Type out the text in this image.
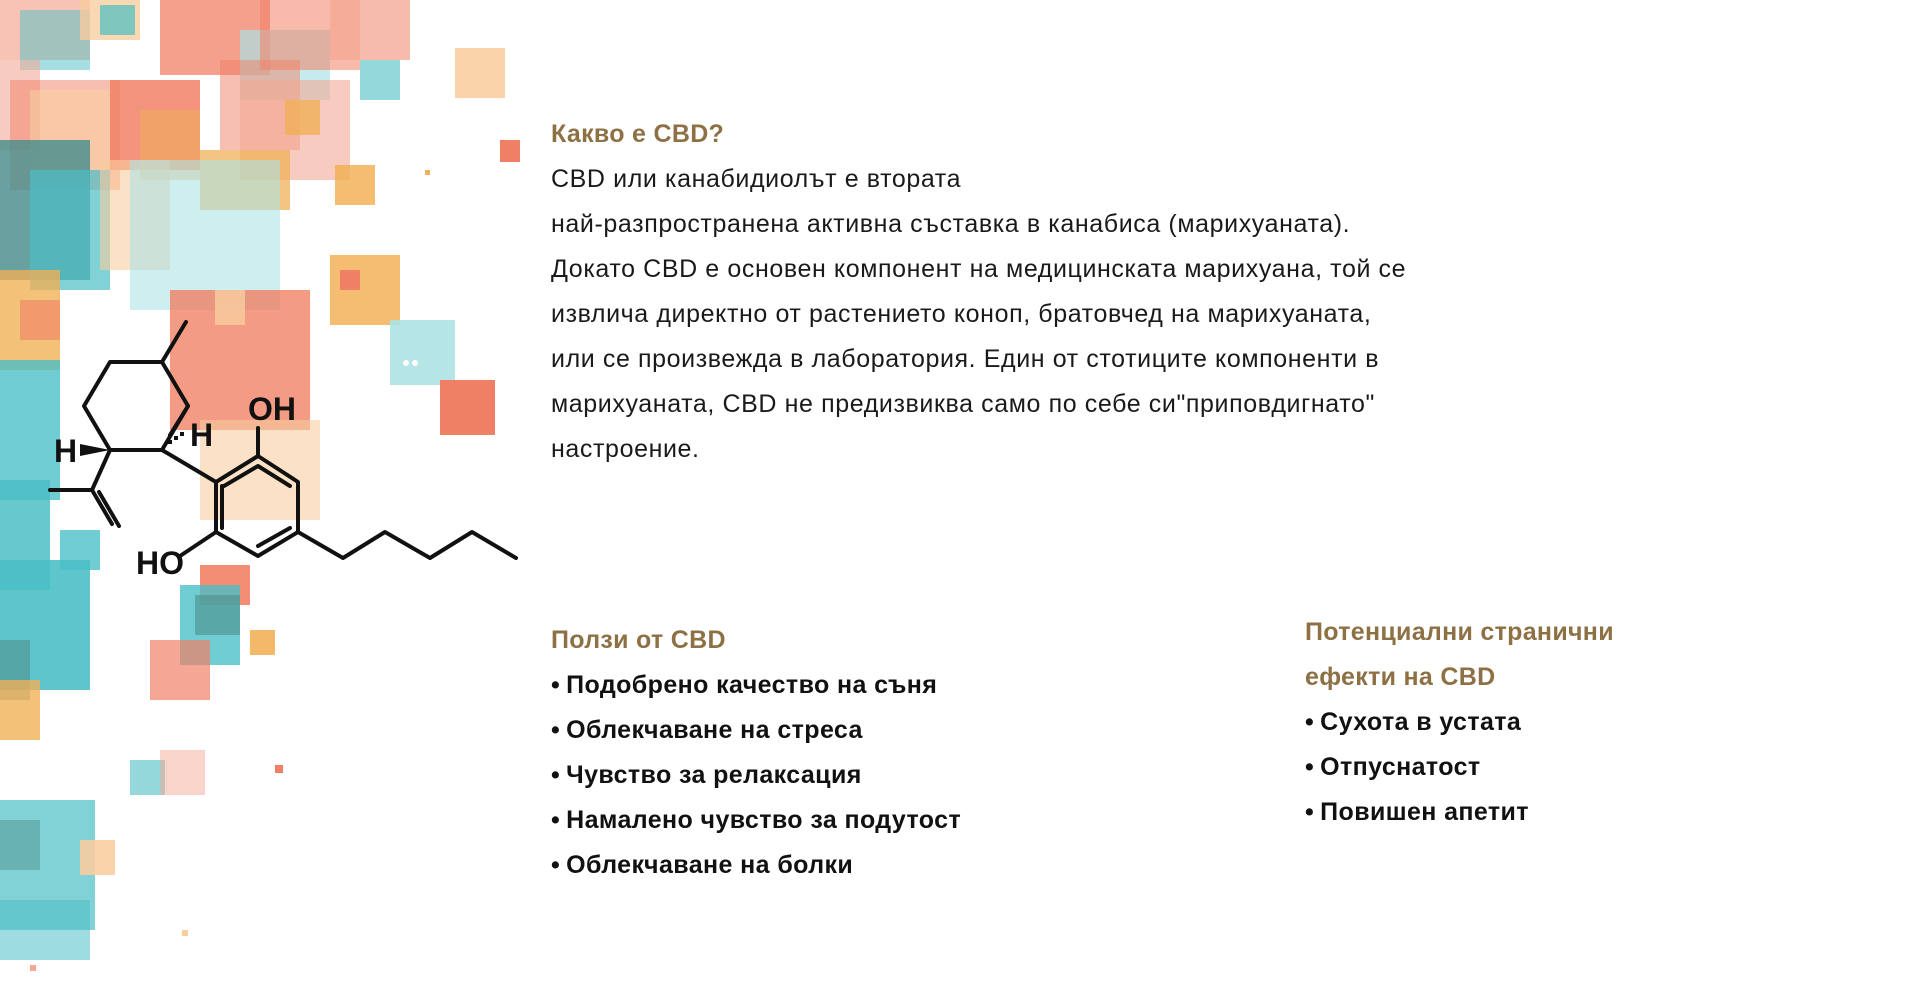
OH
HO
H	H
Какво е CBD?
CBD или канабидиолът е втората
най-разпространена активна съставка в канабиса (марихуаната).
Докато CBD е основен компонент на медицинската марихуана, той се
извлича директно от растението коноп, братовчед на марихуаната,
или се произвежда в лаборатория. Един от стотиците компоненти в
марихуаната, CBD не предизвиква само по себе си"приповдигнато"
настроение.
Ползи от CBD
• Подобрено качество на съня
• Облекчаване на стреса
• Чувство за релаксация
• Намалено чувство за подутост
• Облекчаване на болки
Потенциални странични
ефекти на CBD
• Сухота в устата
• Отпуснатост
• Повишен апетит
